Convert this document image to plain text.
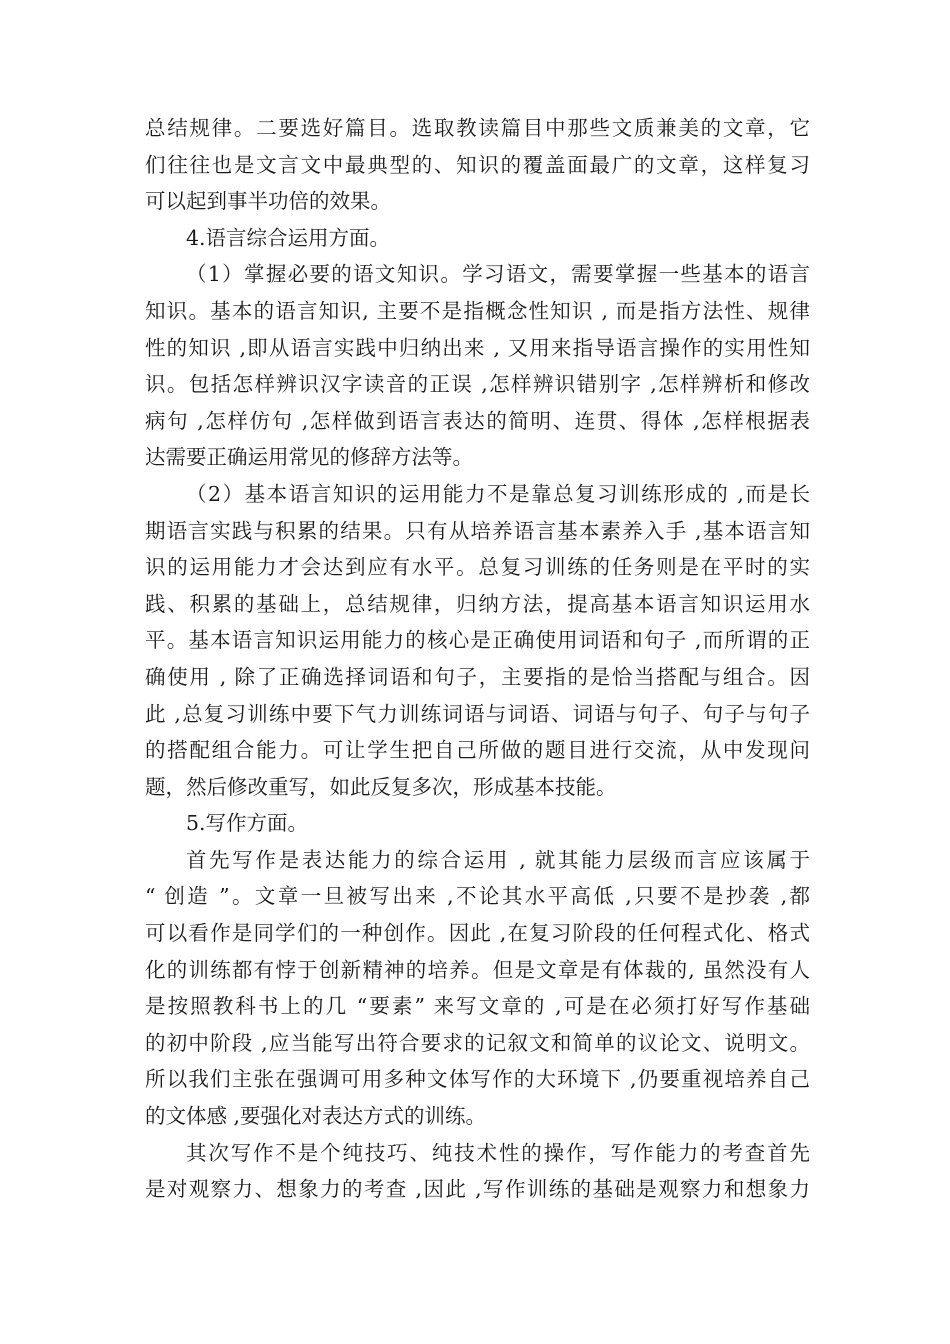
总结规律。二要选好篇目。选取教读篇目中那些文质兼美的文章，它
们往往也是文言文中最典型的、知识的覆盖面最广的文章，这样复习
可以起到事半功倍的效果。
4.语言综合运用方面。
（1）掌握必要的语文知识。学习语文，需要掌握一些基本的语言
知识。基本的语言知识, 主要不是指概念性知识 , 而是指方法性、规律
性的知识 ,即从语言实践中归纳出来 , 又用来指导语言操作的实用性知
识。包括怎样辨识汉字读音的正误 ,怎样辨识错别字 ,怎样辨析和修改
病句 ,怎样仿句 ,怎样做到语言表达的简明、连贯、得体 ,怎样根据表
达需要正确运用常见的修辞方法等。
（2）基本语言知识的运用能力不是靠总复习训练形成的 ,而是长
期语言实践与积累的结果。只有从培养语言基本素养入手 ,基本语言知
识的运用能力才会达到应有水平。总复习训练的任务则是在平时的实
践、积累的基础上，总结规律，归纳方法，提高基本语言知识运用水
平。基本语言知识运用能力的核心是正确使用词语和句子 ,而所谓的正
确使用 , 除了正确选择词语和句子，主要指的是恰当搭配与组合。因
此 ,总复习训练中要下气力训练词语与词语、词语与句子、句子与句子
的搭配组合能力。可让学生把自己所做的题目进行交流，从中发现问
题，然后修改重写，如此反复多次，形成基本技能。
5.写作方面。
首先写作是表达能力的综合运用 , 就其能力层级而言应该属于
“ 创造 ”。文章一旦被写出来 ,不论其水平高低 ,只要不是抄袭 ,都
可以看作是同学们的一种创作。因此 ,在复习阶段的任何程式化、格式
化的训练都有悖于创新精神的培养。但是文章是有体裁的, 虽然没有人
是按照教科书上的几 “要素” 来写文章的 ,可是在必须打好写作基础
的初中阶段 ,应当能写出符合要求的记叙文和简单的议论文、说明文。
所以我们主张在强调可用多种文体写作的大环境下 ,仍要重视培养自己
的文体感 ,要强化对表达方式的训练。
其次写作不是个纯技巧、纯技术性的操作，写作能力的考查首先
是对观察力、想象力的考查 ,因此 ,写作训练的基础是观察力和想象力
